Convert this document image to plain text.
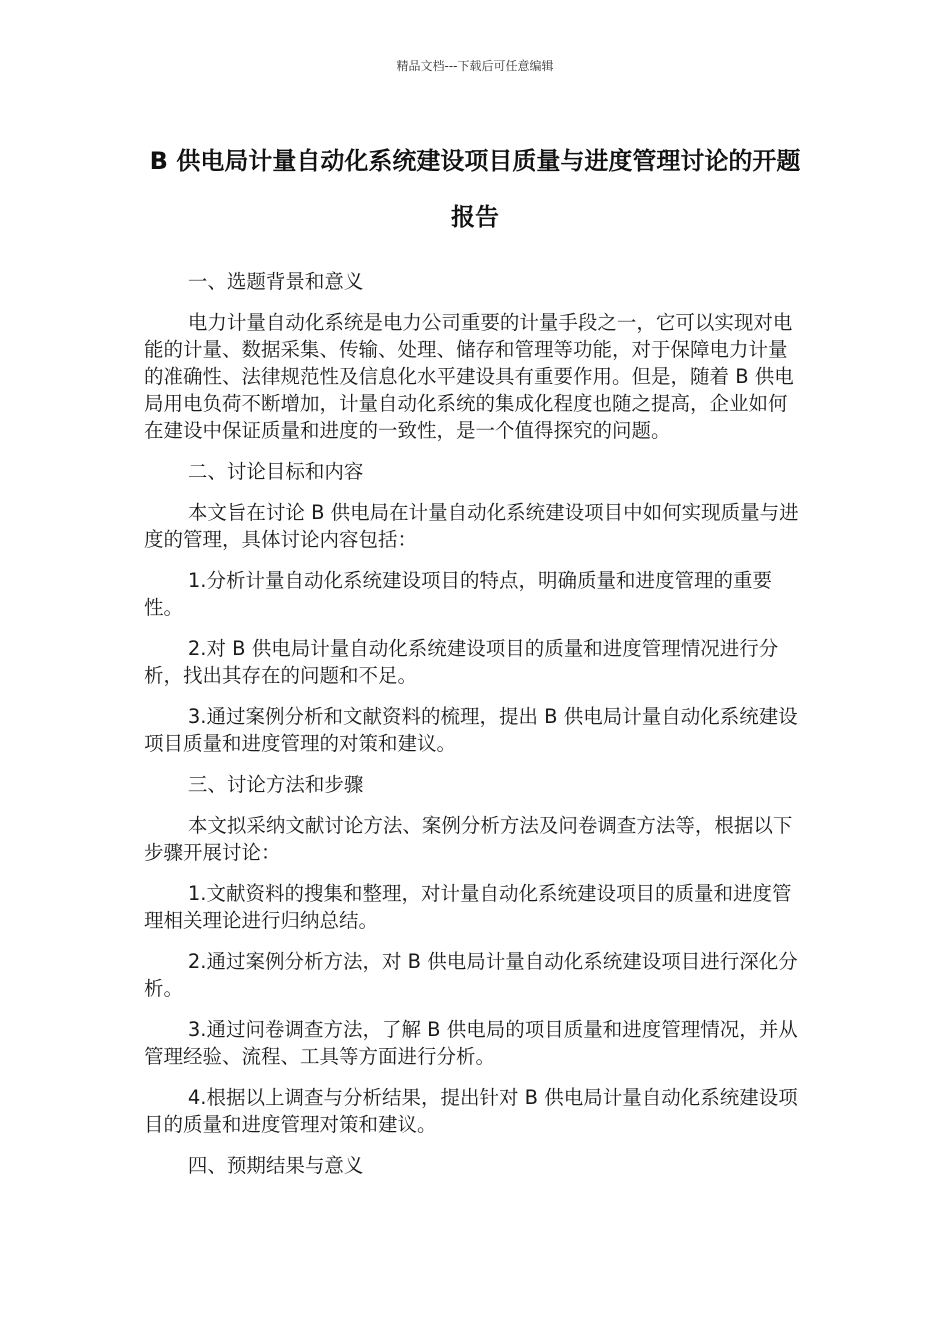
精品文档---下载后可任意编辑
B 供电局计量自动化系统建设项目质量与进度管理讨论的开题报告

一、选题背景和意义

电力计量自动化系统是电力公司重要的计量手段之一，它可以实现对电能的计量、数据采集、传输、处理、储存和管理等功能，对于保障电力计量的准确性、法律规范性及信息化水平建设具有重要作用。但是，随着 B 供电局用电负荷不断增加，计量自动化系统的集成化程度也随之提高，企业如何在建设中保证质量和进度的一致性，是一个值得探究的问题。

二、讨论目标和内容

本文旨在讨论 B 供电局在计量自动化系统建设项目中如何实现质量与进度的管理，具体讨论内容包括：

1.分析计量自动化系统建设项目的特点，明确质量和进度管理的重要性。

2.对 B 供电局计量自动化系统建设项目的质量和进度管理情况进行分析，找出其存在的问题和不足。

3.通过案例分析和文献资料的梳理，提出 B 供电局计量自动化系统建设项目质量和进度管理的对策和建议。

三、讨论方法和步骤

本文拟采纳文献讨论方法、案例分析方法及问卷调查方法等，根据以下步骤开展讨论：

1.文献资料的搜集和整理，对计量自动化系统建设项目的质量和进度管理相关理论进行归纳总结。

2.通过案例分析方法，对 B 供电局计量自动化系统建设项目进行深化分析。

3.通过问卷调查方法，了解 B 供电局的项目质量和进度管理情况，并从管理经验、流程、工具等方面进行分析。

4.根据以上调查与分析结果，提出针对 B 供电局计量自动化系统建设项目的质量和进度管理对策和建议。

四、预期结果与意义
